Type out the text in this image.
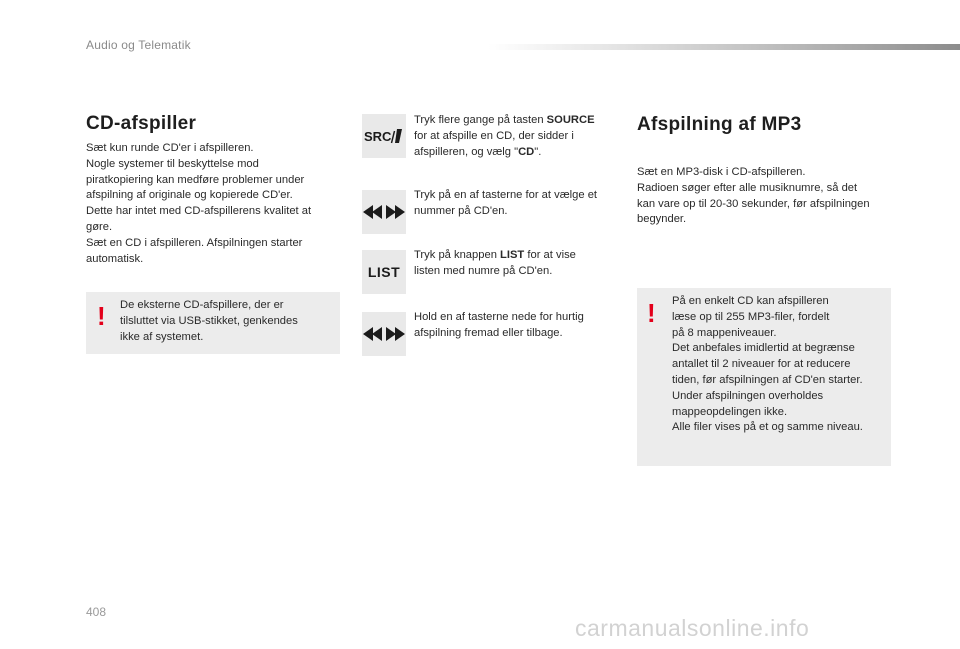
Audio og Telematik
CD-afspiller
Sæt kun runde CD'er i afspilleren.
Nogle systemer til beskyttelse mod
piratkopiering kan medføre problemer under
afspilning af originale og kopierede CD'er.
Dette har intet med CD-afspillerens kvalitet at
gøre.
Sæt en CD i afspilleren. Afspilningen starter
automatisk.
! De eksterne CD-afspillere, der er
tilsluttet via USB-stikket, genkendes
ikke af systemet.
SRC
Tryk flere gange på tasten SOURCE
for at afspille en CD, der sidder i
afspilleren, og vælg "CD".
Tryk på en af tasterne for at vælge et
nummer på CD'en.
LIST
Tryk på knappen LIST for at vise
listen med numre på CD'en.
Hold en af tasterne nede for hurtig
afspilning fremad eller tilbage.
Afspilning af MP3
Sæt en MP3-disk i CD-afspilleren.
Radioen søger efter alle musiknumre, så det
kan vare op til 20-30 sekunder, før afspilningen
begynder.
! På en enkelt CD kan afspilleren
læse op til 255 MP3-filer, fordelt
på 8 mappeniveauer.
Det anbefales imidlertid at begrænse
antallet til 2 niveauer for at reducere
tiden, før afspilningen af CD'en starter.
Under afspilningen overholdes
mappeopdelingen ikke.
Alle filer vises på et og samme niveau.
408
carmanualsonline.info
